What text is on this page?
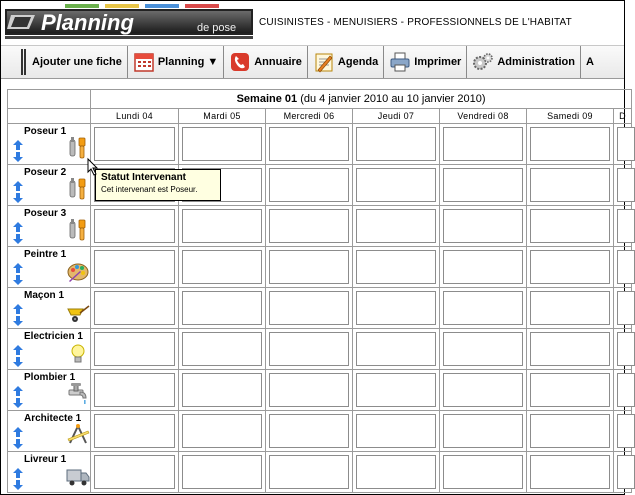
Planning	de pose CUISINISTES - MENUISIERS - PROFESSIONNELS DE L'HABITAT
Ajouter une fiche	Planning ▼	Annuaire	Agenda	Imprimer	Administration A
	Semaine 01 (du 4 janvier 2010 au 10 janvier 2010)						
	Lundi 04	Mardi 05	Mercredi 06	Jeudi 07	Vendredi 08	Samedi 09	D

Poseur 1							

Poseur 2							

Poseur 3							

Peintre 1							

Maçon 1							

Electricien 1							

Plombier 1							

Architecte 1							

Livreur 1							

Statut Intervenant
Cet intervenant est Poseur.
